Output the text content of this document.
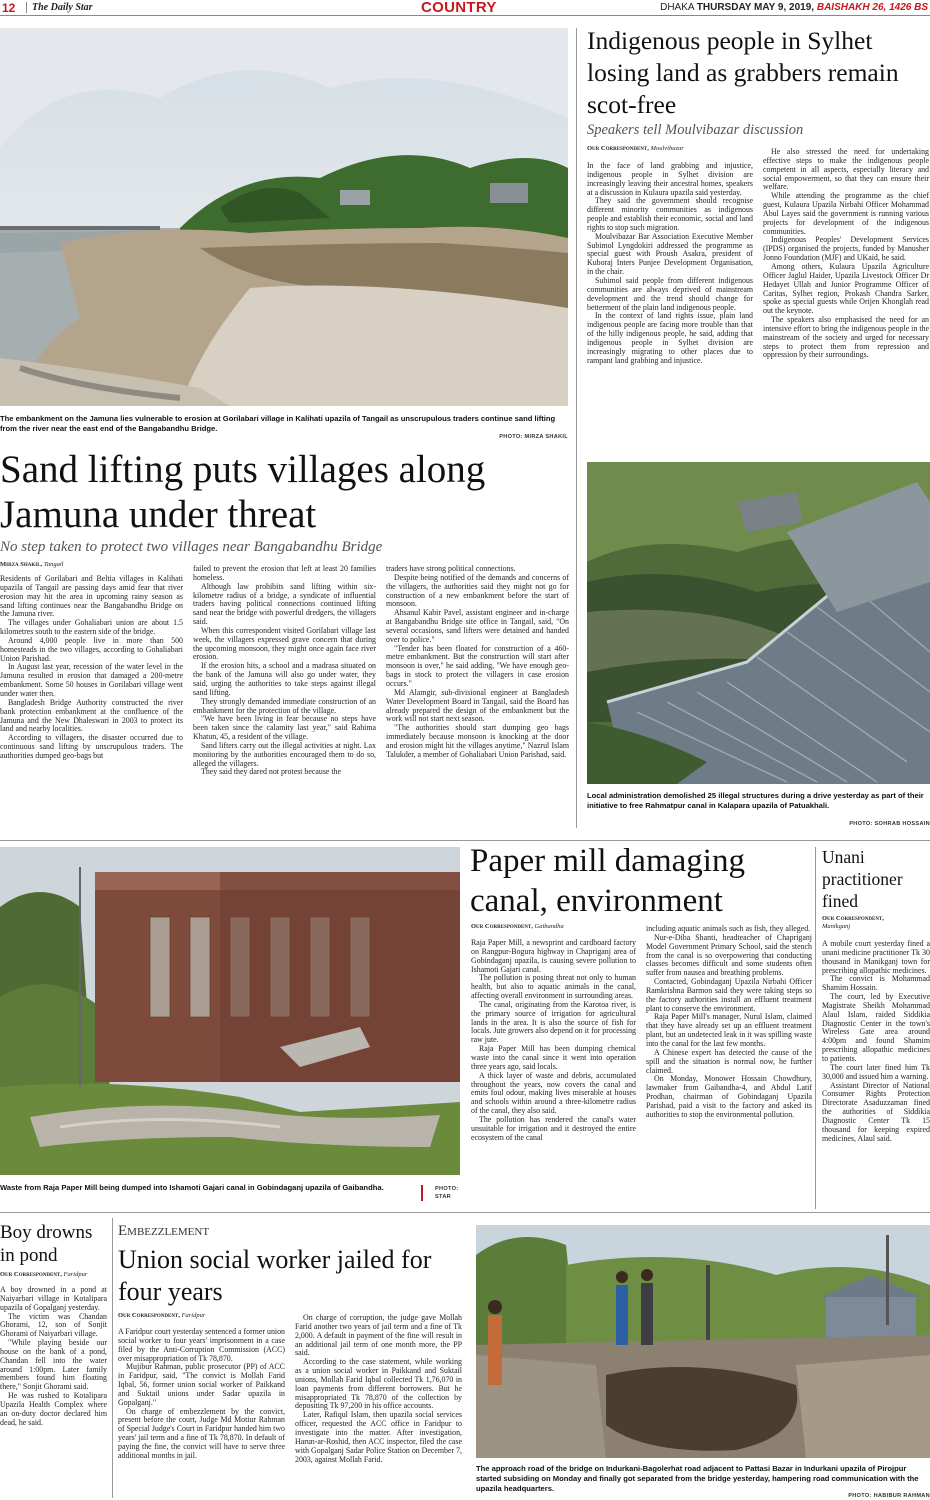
12	The Daily Star	COUNTRY	DHAKA THURSDAY MAY 9, 2019, BAISHAKH 26, 1426 BS
The embankment on the Jamuna lies vulnerable to erosion at Gorilabari village in Kalihati upazila of Tangail as unscrupulous traders continue sand lifting from the river near the east end of the Bangabandhu Bridge.
PHOTO: MIRZA SHAKIL
Sand lifting puts villages along Jamuna under threat
No step taken to protect two villages near Bangabandhu Bridge
Mirza Shakil, Tangail

Residents of Gorilabari and Beltia villages in Kalihati upazila of Tangail are passing days amid fear that river erosion may hit the area in upcoming rainy season as sand lifting continues near the Bangabandhu Bridge on the Jamuna river.

The villages under Gohaliabari union are about 1.5 kilometres south to the eastern side of the bridge.

Around 4,000 people live in more than 500 homesteads in the two villages, according to Gohaliabari Union Parishad.

In August last year, recession of the water level in the Jamuna resulted in erosion that damaged a 200-metre embankment. Some 50 houses in Gorilabari village went under water then.

Bangladesh Bridge Authority constructed the river bank protection embankment at the confluence of the Jamuna and the New Dhaleswari in 2003 to protect its land and nearby localities.

According to villagers, the disaster occurred due to continuous sand lifting by unscrupulous traders. The authorities dumped geo-bags but

failed to prevent the erosion that left at least 20 families homeless.

Although law prohibits sand lifting within six-kilometre radius of a bridge, a syndicate of influential traders having political connections continued lifting sand near the bridge with powerful dredgers, the villagers said.

When this correspondent visited Gorilabari village last week, the villagers expressed grave concern that during the upcoming monsoon, they might once again face river erosion.

If the erosion hits, a school and a madrasa situated on the bank of the Jamuna will also go under water, they said, urging the authorities to take steps against illegal sand lifting.

They strongly demanded immediate construction of an embankment for the protection of the village.

"We have been living in fear because no steps have been taken since the calamity last year," said Rahima Khatun, 45, a resident of the village.

Sand lifters carry out the illegal activities at night. Lax monitoring by the authorities encouraged them to do so, alleged the villagers.

They said they dared not protest because the

traders have strong political connections.

Despite being notified of the demands and concerns of the villagers, the authorities said they might not go for construction of a new embankment before the start of monsoon.

Ahsanul Kabir Pavel, assistant engineer and in-charge at Bangabandhu Bridge site office in Tangail, said, "On several occasions, sand lifters were detained and handed over to police."

"Tender has been floated for construction of a 460-metre embankment. But the construction will start after monsoon is over," he said adding, "We have enough geo-bags in stock to protect the villagers in case erosion occurs."

Md Alamgir, sub-divisional engineer at Bangladesh Water Development Board in Tangail, said the Board has already prepared the design of the embankment but the work will not start next season.

"The authorities should start dumping geo bags immediately because monsoon is knocking at the door and erosion might hit the villages anytime," Nazrul Islam Talukder, a member of Gohaliabari Union Parishad, said.

Indigenous people in Sylhet losing land as grabbers remain scot-free
Speakers tell Moulvibazar discussion
Our Correspondent, Moulvibazar

In the face of land grabbing and injustice, indigenous people in Sylhet division are increasingly leaving their ancestral homes, speakers at a discussion in Kulaura upazila said yesterday.

They said the government should recognise different minority communities as indigenous people and establish their economic, social and land rights to stop such migration.

Moulvibazar Bar Association Executive Member Subimol Lyngdokiri addressed the programme as special guest with Proush Asakra, president of Kuboraj Inters Punjee Development Organisation, in the chair.

Subimol said people from different indigenous communities are always deprived of mainstream development and the trend should change for betterment of the plain land indigenous people.

In the context of land rights issue, plain land indigenous people are facing more trouble than that of the hilly indigenous people, he said, adding that indigenous people in Sylhet division are increasingly migrating to other places due to rampant land grabbing and injustice.

He also stressed the need for undertaking effective steps to make the indigenous people competent in all aspects, especially literacy and social empowerment, so that they can ensure their welfare.

While attending the programme as the chief guest, Kulaura Upazila Nirbahi Officer Mohammad Abul Layes said the government is running various projects for development of the indigenous communities.

Indigenous Peoples' Development Services (IPDS) organised the projects, funded by Manusher Jonno Foundation (MJF) and UKaid, he said.

Among others, Kulaura Upazila Agriculture Officer Jaglul Haider, Upazila Livestock Officer Dr Hedayet Ullah and Junior Programme Officer of Caritas, Sylhet region, Prokash Chandra Sarker, spoke as special guests while Orijen Khonglah read out the keynote.

The speakers also emphasised the need for an intensive effort to bring the indigenous people in the mainstream of the society and urged for necessary steps to protect them from repression and oppression by their surroundings.

Local administration demolished 25 illegal structures during a drive yesterday as part of their initiative to free Rahmatpur canal in Kalapara upazila of Patuakhali.
PHOTO: SOHRAB HOSSAIN
Waste from Raja Paper Mill being dumped into Ishamoti Gajari canal in Gobindaganj upazila of Gaibandha.	PHOTO: STAR
Paper mill damaging canal, environment
Our Correspondent, Gaibandha

Raja Paper Mill, a newsprint and cardboard factory on Rangpur-Bogura highway in Chapriganj area of Gobindaganj upazila, is causing severe pollution to Ishamoti Gajari canal.

The pollution is posing threat not only to human health, but also to aquatic animals in the canal, affecting overall environment in surrounding areas.

The canal, originating from the Karotoa river, is the primary source of irrigation for agricultural lands in the area. It is also the source of fish for locals. Jute growers also depend on it for processing raw jute.

Raja Paper Mill has been dumping chemical waste into the canal since it went into operation three years ago, said locals.

A thick layer of waste and debris, accumulated throughout the years, now covers the canal and emits foul odour, making lives miserable at houses and schools within around a three-kilometre radius of the canal, they also said.

The pollution has rendered the canal's water unsuitable for irrigation and it destroyed the entire ecosystem of the canal

including aquatic animals such as fish, they alleged.

Nur-e-Diba Shanti, headteacher of Chapriganj Model Government Primary School, said the stench from the canal is so overpowering that conducting classes becomes difficult and some students often suffer from nausea and breathing problems.

Contacted, Gobindaganj Upazila Nirbahi Officer Ramkrishna Barmon said they were taking steps so the factory authorities install an effluent treatment plant to conserve the environment.

Raja Paper Mill's manager, Nurul Islam, claimed that they have already set up an effluent treatment plant, but an undetected leak in it was spilling waste into the canal for the last few months.

A Chinese expert has detected the cause of the spill and the situation is normal now, he further claimed.

On Monday, Monower Hossain Chowdhury, lawmaker from Gaibandha-4, and Abdul Latif Prodhan, chairman of Gobindaganj Upazila Parishad, paid a visit to the factory and asked its authorities to stop the environmental pollution.

Unani practitioner fined
Our Correspondent,
Manikganj

A mobile court yesterday fined a unani medicine practitioner Tk 30 thousand in Manikganj town for prescribing allopathic medicines.

The convict is Mohammad Shamim Hossain.

The court, led by Executive Magistrate Sheikh Mohammad Alaul Islam, raided Siddikia Diagnostic Center in the town's Wireless Gate area around 4:00pm and found Shamim prescribing allopathic medicines to patients.

The court later fined him Tk 30,000 and issued him a warning.

Assistant Director of National Consumer Rights Protection Directorate Asaduzzaman fined the authorities of Siddikia Diagnostic Center Tk 15 thousand for keeping expired medicines, Alaul said.

Boy drowns in pond
Our Correspondent, Faridpur

A boy drowned in a pond at Naiyarbari village in Kotalipara upazila of Gopalganj yesterday.

The victim was Chandan Ghorami, 12, son of Sonjit Ghorami of Naiyarbari village.

"While playing beside our house on the bank of a pond, Chandan fell into the water around 1:00pm. Later family members found him floating there," Sonjit Ghorami said.

He was rushed to Kotalipara Upazila Health Complex where an on-duty doctor declared him dead, he said.

Embezzlement
Union social worker jailed for four years
Our Correspondent, Faridpur

A Faridpur court yesterday sentenced a former union social worker to four years' imprisonment in a case filed by the Anti-Corruption Commission (ACC) over misappropriation of Tk 78,870.

Mujibur Rahman, public prosecutor (PP) of ACC in Faridpur, said, "The convict is Mollah Farid Iqbal, 56, former union social worker of Paikkand and Suktail unions under Sadar upazila in Gopalganj."

On charge of embezzlement by the convict, present before the court, Judge Md Motiur Rahman of Special Judge's Court in Faridpur handed him two years' jail term and a fine of Tk 78,870. In default of paying the fine, the convict will have to serve three additional months in jail.

On charge of corruption, the judge gave Mollah Farid another two years of jail term and a fine of Tk 2,000. A default in payment of the fine will result in an additional jail term of one month more, the PP said.

According to the case statement, while working as a union social worker in Paikkand and Suktail unions, Mollah Farid Iqbal collected Tk 1,76,070 in loan payments from different borrowers. But he misappropriated Tk 78,870 of the collection by depositing Tk 97,200 in his office accounts.

Later, Rafiqul Islam, then upazila social services officer, requested the ACC office in Faridpur to investigate into the matter. After investigation, Harun-ar-Roshid, then ACC inspector, filed the case with Gopalganj Sadar Police Station on December 7, 2003, against Mollah Farid.

The approach road of the bridge on Indurkani-Bagolerhat road adjacent to Pattasi Bazar in Indurkani upazila of Pirojpur started subsiding on Monday and finally got separated from the bridge yesterday, hampering road communication with the upazila headquarters.
PHOTO: HABIBUR RAHMAN
